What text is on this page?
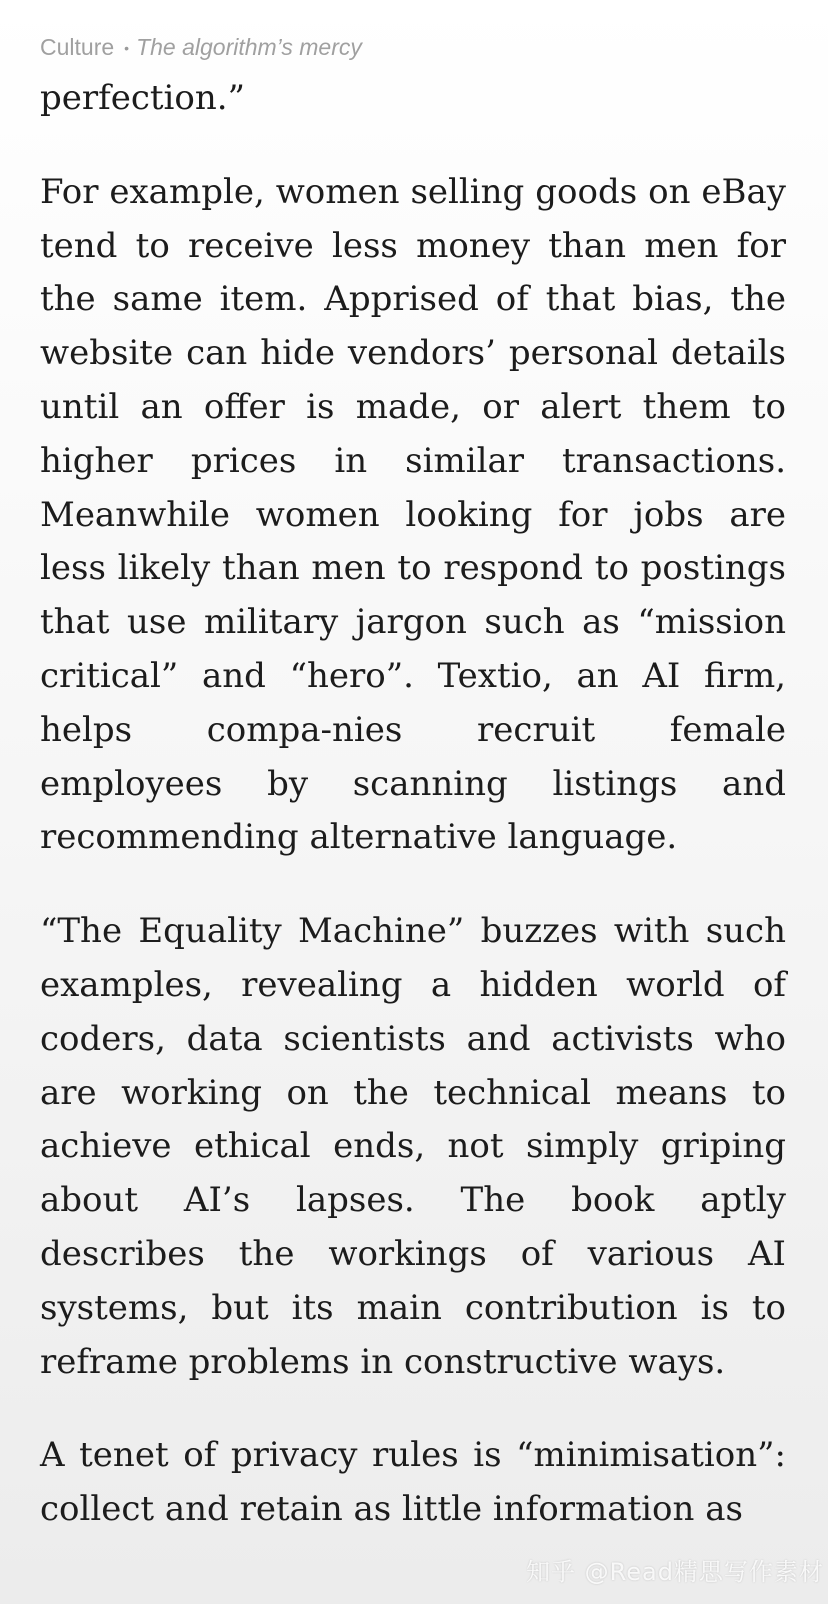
Culture • The algorithm’s mercy

perfection.”

For example, women selling goods on eBay tend to receive less money than men for the same item. Apprised of that bias, the website can hide vendors’ personal details until an offer is made, or alert them to higher prices in similar transactions. Meanwhile women looking for jobs are less likely than men to respond to postings that use military jargon such as “mission critical” and “hero”. Textio, an AI firm, helps compa-nies recruit female employees by scanning listings and recommending alternative language.

“The Equality Machine” buzzes with such examples, revealing a hidden world of coders, data scientists and activists who are working on the technical means to achieve ethical ends, not simply griping about AI’s lapses. The book aptly describes the workings of various AI systems, but its main contribution is to reframe problems in constructive ways.

A tenet of privacy rules is “minimisation”: collect and retain as little information as

知乎 @Read精思写作素材
